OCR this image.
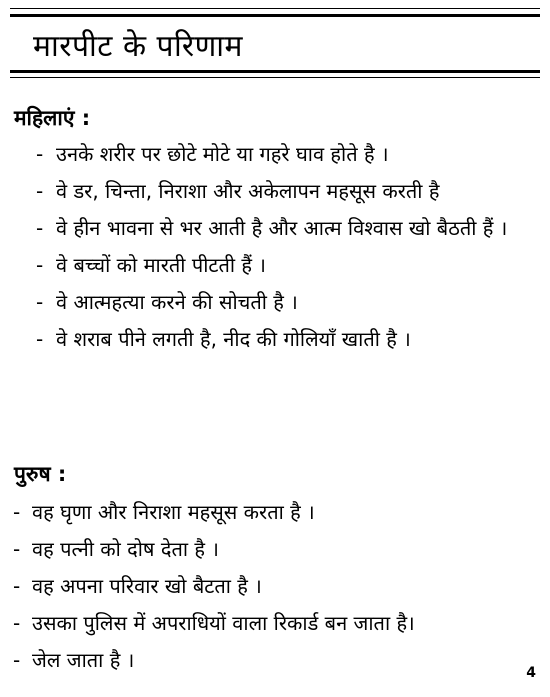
मारपीट के परिणाम
महिलाएं :
- उनके शरीर पर छोटे मोटे या गहरे घाव होते है ।
- वे डर, चिन्ता, निराशा और अकेलापन महसूस करती है
- वे हीन भावना से भर आती है और आत्म विश्वास खो बैठती हैं ।
- वे बच्चों को मारती पीटती हैं ।
- वे आत्महत्या करने की सोचती है ।
- वे शराब पीने लगती है, नीद की गोलियाँ खाती है ।
पुरुष :
- वह घृणा और निराशा महसूस करता है ।
- वह पत्नी को दोष देता है ।
- वह अपना परिवार खो बैटता है ।
- उसका पुलिस में अपराधियों वाला रिकार्ड बन जाता है।
- जेल जाता है ।
4
